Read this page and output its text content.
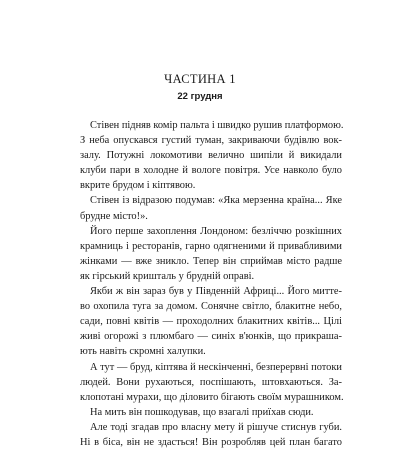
ЧАСТИНА 1
22 грудня
Стівен підняв комір пальта і швидко рушив платформою.
З неба опускався густий туман, закриваючи будівлю вок-
залу. Потужні локомотиви велично шипіли й викидали
клуби пари в холодне й вологе повітря. Усе навколо було
вкрите брудом і кіптявою.
Стівен із відразою подумав: «Яка мерзенна країна... Яке
брудне місто!».
Його перше захоплення Лондоном: безліччю розкішних
крамниць і ресторанів, гарно одягненими й привабливими
жінками — вже зникло. Тепер він сприймав місто радше
як гірський кришталь у брудній оправі.
Якби ж він зараз був у Південній Африці... Його митте-
во охопила туга за домом. Сонячне світло, блакитне небо,
сади, повні квітів — проходолних блакитних квітів... Цілі
живі огорожі з плюмбаго — синіх в'юнків, що прикраша-
ють навіть скромні халупки.
А тут — бруд, кіптява й нескінченні, безперервні потоки
людей. Вони рухаються, поспішають, штовхаються. За-
клопотані мурахи, що діловито бігають своїм мурашником.
На мить він пошкодував, що взагалі приїхав сюди.
Але тоді згадав про власну мету й рішуче стиснув губи.
Ні в біса, він не здасться! Він розробляв цей план багато
